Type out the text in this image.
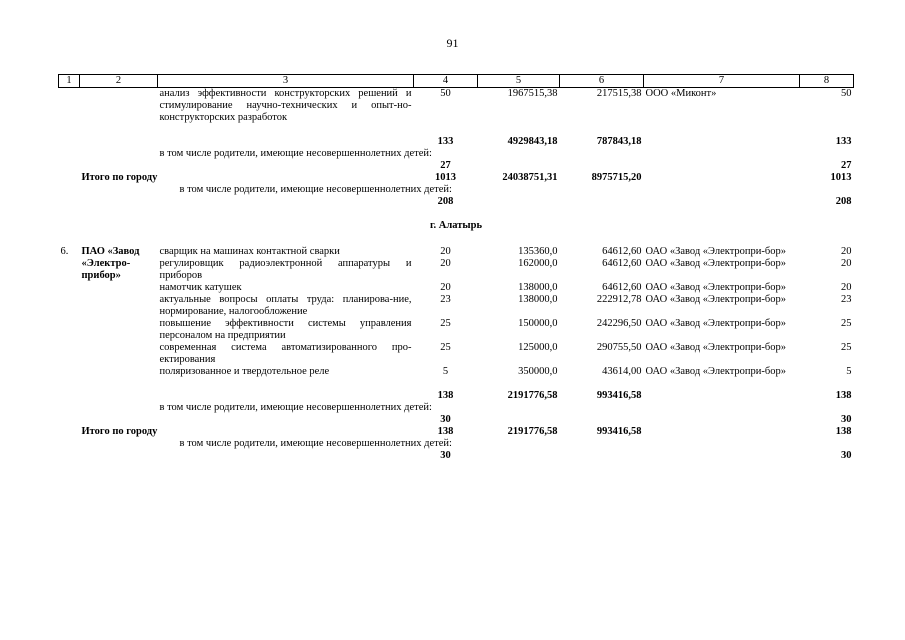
91
1	2	3	4	5	6	7	8
		анализ эффективности конструкторских решений и стимулирование научно-технических и опыт-но-конструкторских разработок	50	1967515,38	217515,38	ООО «Миконт»	50

			133	4929843,18	787843,18		133
		в том числе родители, имеющие несовершеннолетних детей:					
			27				27
	Итого по городу		1013	24038751,31	8975715,20		1013
		в том числе родители, имеющие несовершеннолетних детей:					
			208				208
г. Алатырь							
6.	ПАО «Завод «Электро-прибор»	сварщик на машинах контактной сварки	20	135360,0	64612,60	ОАО «Завод «Электропри-бор»	20
		регулировщик радиоэлектронной аппаратуры и приборов	20	162000,0	64612,60	ОАО «Завод «Электропри-бор»	20
		намотчик катушек	20	138000,0	64612,60	ОАО «Завод «Электропри-бор»	20
		актуальные вопросы оплаты труда: планирова-ние, нормирование, налогообложение	23	138000,0	222912,78	ОАО «Завод «Электропри-бор»	23
		повышение эффективности системы управления персоналом на предприятии	25	150000,0	242296,50	ОАО «Завод «Электропри-бор»	25
		современная система автоматизированного про-ектирования	25	125000,0	290755,50	ОАО «Завод «Электропри-бор»	25
		поляризованное и твердотельное реле	5	350000,0	43614,00	ОАО «Завод «Электропри-бор»	5

			138	2191776,58	993416,58		138
		в том числе родители, имеющие несовершеннолетних детей:					
			30				30
	Итого по городу		138	2191776,58	993416,58		138
		в том числе родители, имеющие несовершеннолетних детей:					
			30				30
